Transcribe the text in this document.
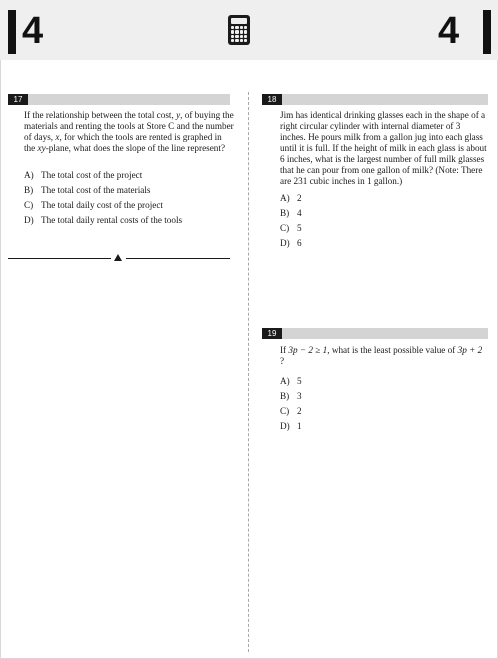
4	4
17

If the relationship between the total cost, y, of buying the materials and renting the tools at Store C and the number of days, x, for which the tools are rented is graphed in the xy-plane, what does the slope of the line represent?

A) The total cost of the project
B) The total cost of the materials
C) The total daily cost of the project
D) The total daily rental costs of the tools
18

Jim has identical drinking glasses each in the shape of a right circular cylinder with internal diameter of 3 inches. He pours milk from a gallon jug into each glass until it is full. If the height of milk in each glass is about 6 inches, what is the largest number of full milk glasses that he can pour from one gallon of milk? (Note: There are 231 cubic inches in 1 gallon.)

A) 2
B) 4
C) 5
D) 6
19

If 3p − 2 ≥ 1, what is the least possible value of 3p + 2 ?

A) 5
B) 3
C) 2
D) 1
